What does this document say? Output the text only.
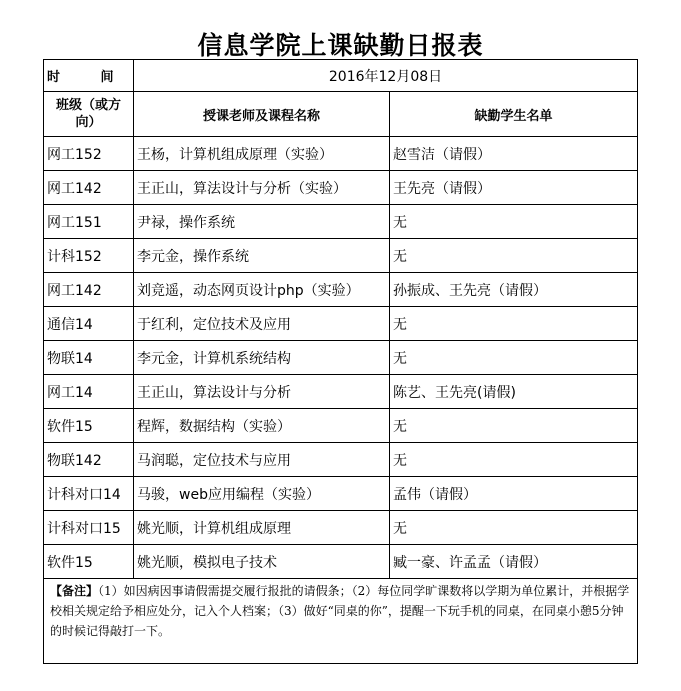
信息学院上课缺勤日报表
时 间	2016年12月08日	
班级（或方向）	授课老师及课程名称	缺勤学生名单
网工152	王杨，计算机组成原理（实验）	赵雪洁（请假）
网工142	王正山，算法设计与分析（实验）	王先亮（请假）
网工151	尹禄，操作系统	无
计科152	李元金，操作系统	无
网工142	刘竞遥，动态网页设计php（实验）	孙振成、王先亮（请假）
通信14	于红利，定位技术及应用	无
物联14	李元金，计算机系统结构	无
网工14	王正山，算法设计与分析	陈艺、王先亮(请假)
软件15	程辉，数据结构（实验）	无
物联142	马润聪，定位技术与应用	无
计科对口14	马骏，web应用编程（实验）	孟伟（请假）
计科对口15	姚光顺，计算机组成原理	无
软件15	姚光顺，模拟电子技术	臧一豪、许孟孟（请假）
【备注】（1）如因病因事请假需提交履行报批的请假条；（2）每位同学旷课数将以学期为单位累计，并根据学校相关规定给予相应处分，记入个人档案；（3）做好“同桌的你”，提醒一下玩手机的同桌，在同桌小憩5分钟的时候记得敲打一下。		
